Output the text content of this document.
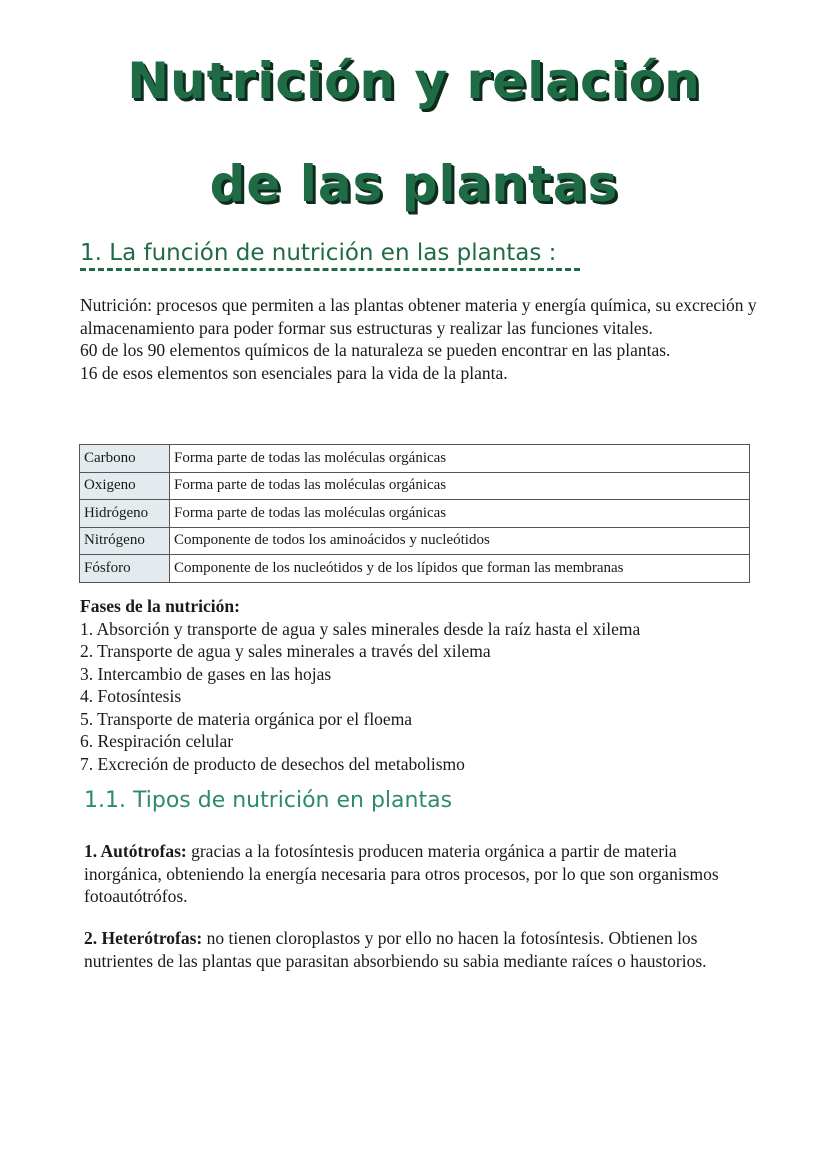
Nutrición y relación
de las plantas
1. La función de nutrición en las plantas :
Nutrición: procesos que permiten a las plantas obtener materia y energía química, su excreción y almacenamiento para poder formar sus estructuras y realizar las funciones vitales.
60 de los 90 elementos químicos de la naturaleza se pueden encontrar en las plantas.
16 de esos elementos son esenciales para la vida de la planta.
Carbono	Forma parte de todas las moléculas orgánicas
Oxigeno	Forma parte de todas las moléculas orgánicas
Hidrógeno	Forma parte de todas las moléculas orgánicas
Nitrógeno	Componente de todos los aminoácidos y nucleótidos
Fósforo	Componente de los nucleótidos y de los lípidos que forman las membranas
Fases de la nutrición:
1. Absorción y transporte de agua y sales minerales desde la raíz hasta el xilema
2. Transporte de agua y sales minerales a través del xilema
3. Intercambio de gases en las hojas
4. Fotosíntesis
5. Transporte de materia orgánica por el floema
6. Respiración celular
7. Excreción de producto de desechos del metabolismo
1.1. Tipos de nutrición en plantas
1. Autótrofas: gracias a la fotosíntesis producen materia orgánica a partir de materia inorgánica, obteniendo la energía necesaria para otros procesos, por lo que son organismos fotoautótrófos.
2. Heterótrofas: no tienen cloroplastos y por ello no hacen la fotosíntesis. Obtienen los nutrientes de las plantas que parasitan absorbiendo su sabia mediante raíces o haustorios.
